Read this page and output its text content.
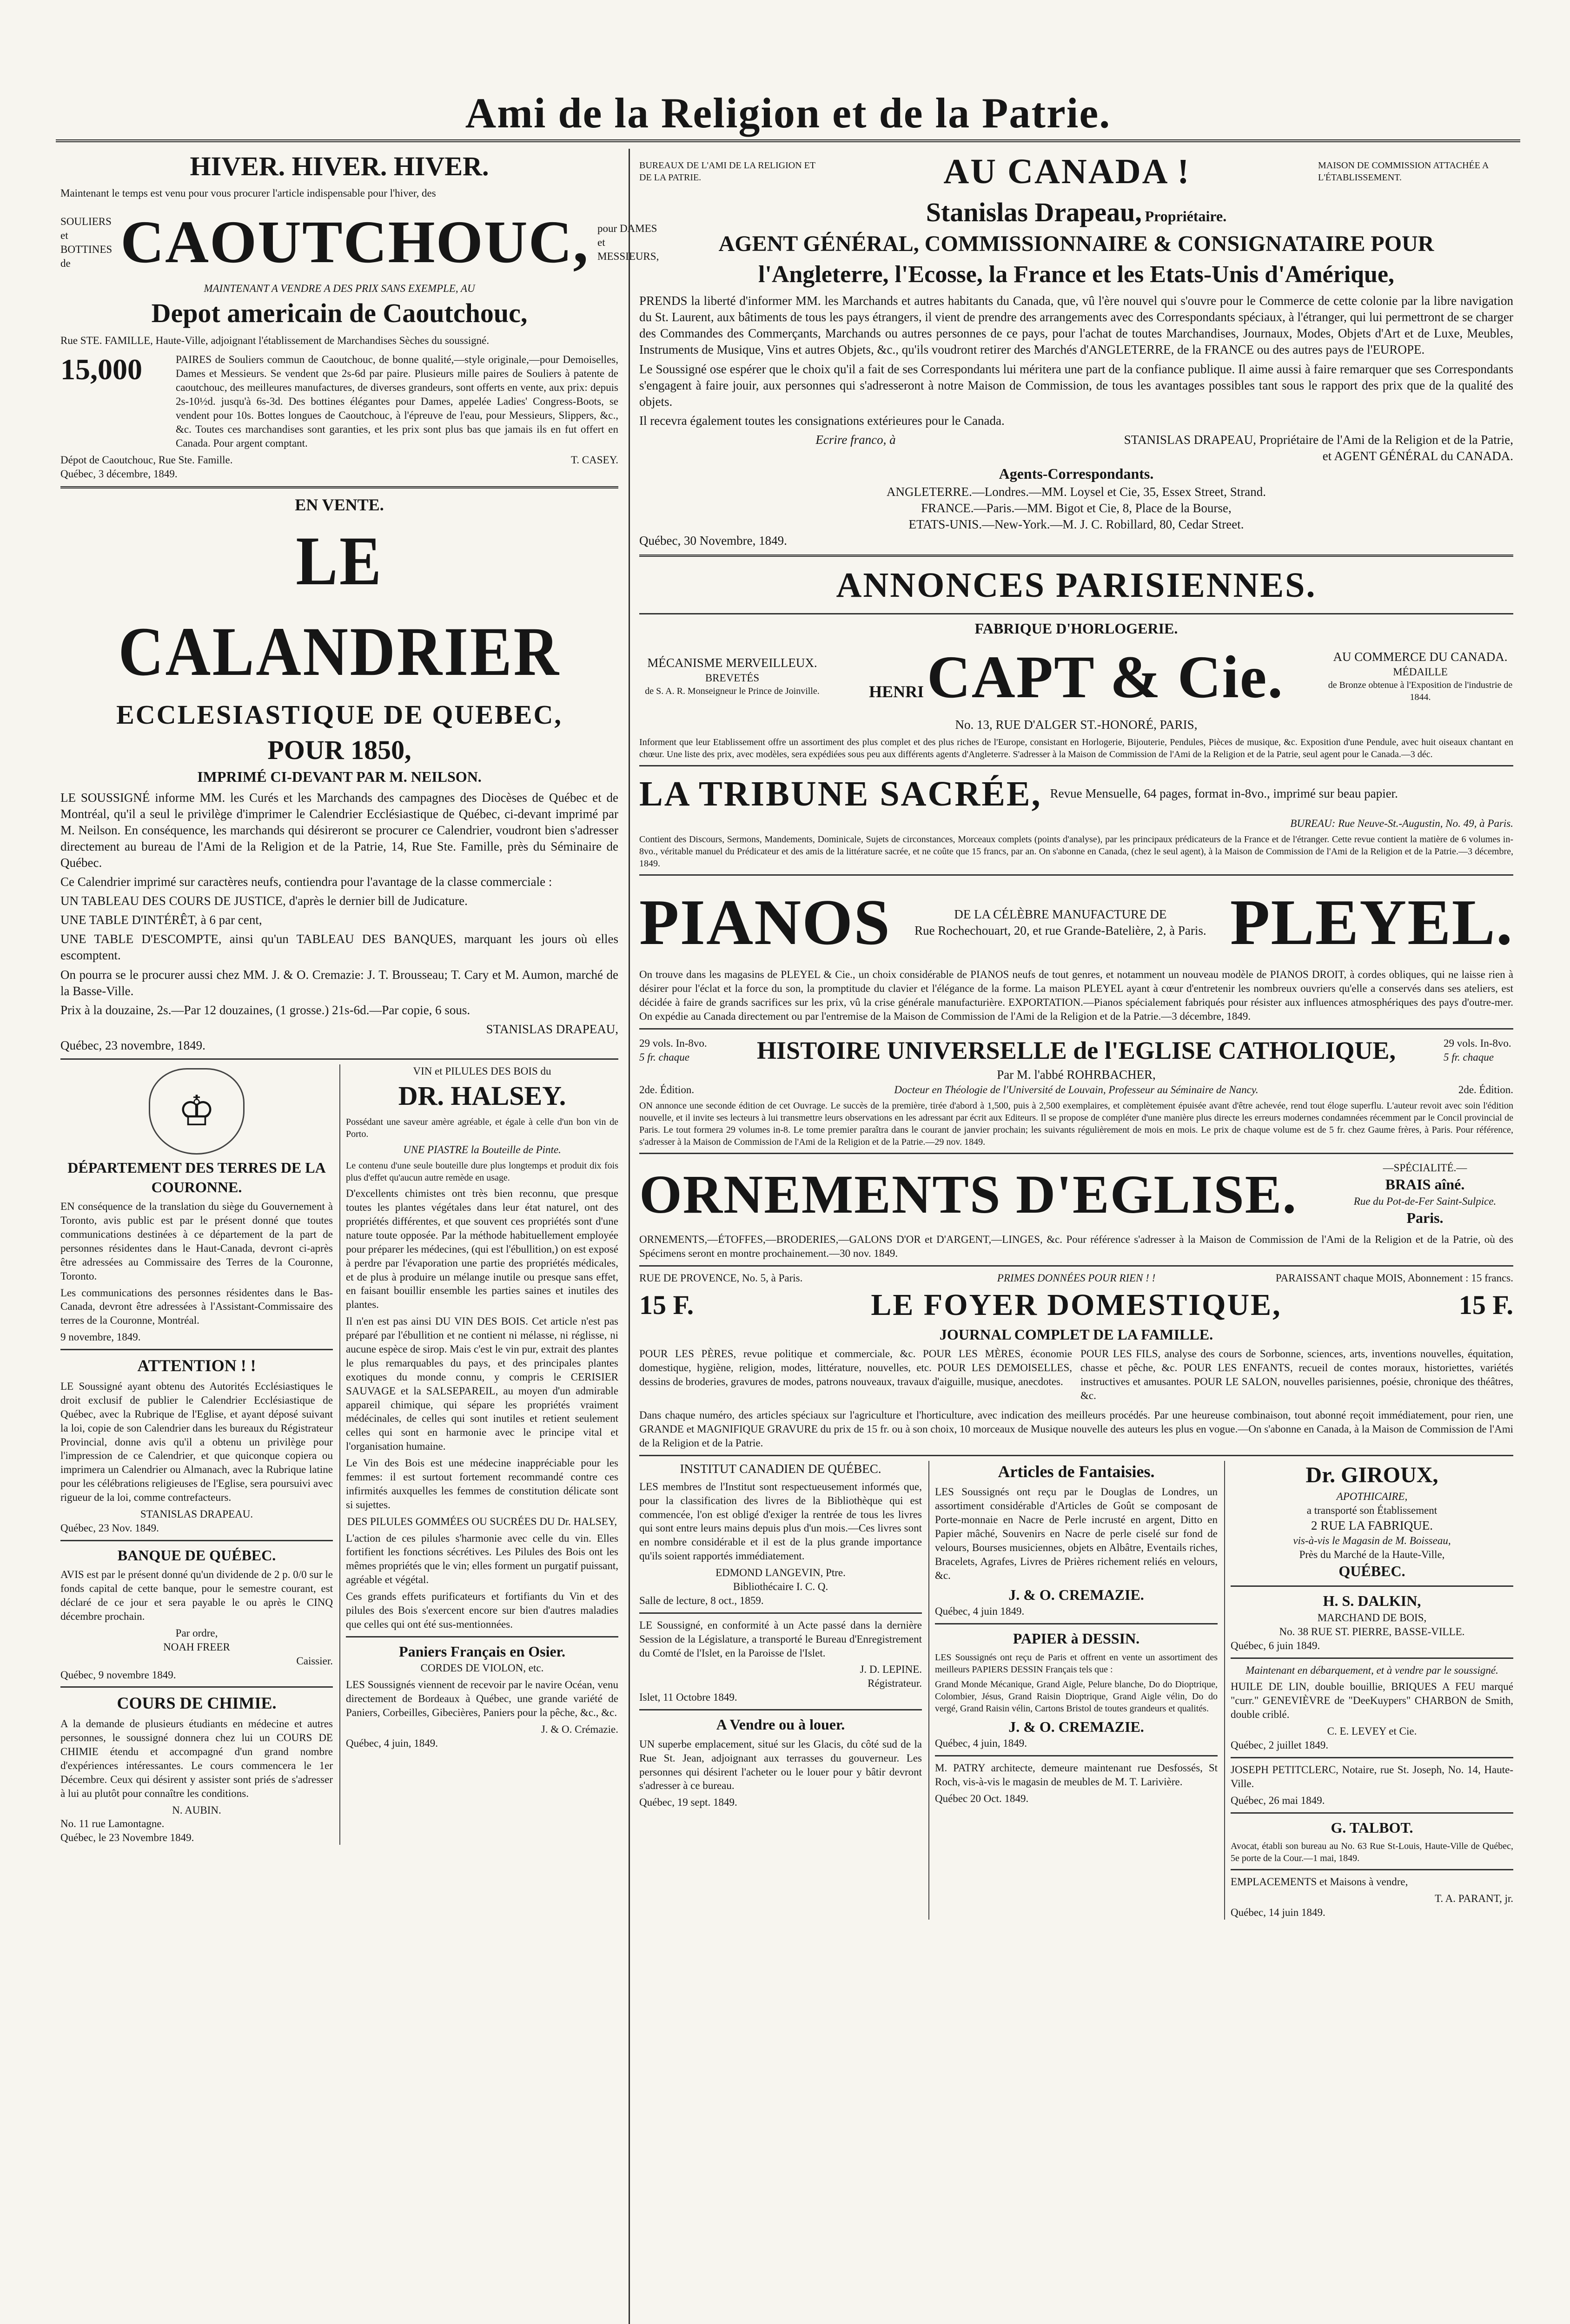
Ami de la Religion et de la Patrie.
HIVER. HIVER. HIVER.

Maintenant le temps est venu pour vous procurer l'article indispensable pour l'hiver, des

SOULIERS et BOTTINES de CAOUTCHOUC, pour DAMES et MESSIEURS,
MAINTENANT A VENDRE A DES PRIX SANS EXEMPLE, AU
Depot americain de Caoutchouc,

Rue STE. FAMILLE, Haute-Ville, adjoignant l'établissement de Marchandises Sèches du soussigné.

15,000	PAIRES de Souliers commun de Caoutchouc, de bonne qualité,—style originale,—pour Demoiselles, Dames et Messieurs. Se vendent que 2s-6d par paire. Plusieurs mille paires de Souliers à patente de caoutchouc, des meilleures manufactures, de diverses grandeurs, sont offerts en vente, aux prix: depuis 2s-10½d. jusqu'à 6s-3d. Des bottines élégantes pour Dames, appelée Ladies' Congress-Boots, se vendent pour 10s. Bottes longues de Caoutchouc, à l'épreuve de l'eau, pour Messieurs, Slippers, &c., &c. Toutes ces marchandises sont garanties, et les prix sont plus bas que jamais ils en fut offert en Canada. Pour argent comptant.

Dépot de Caoutchouc, Rue Ste. Famille.	T. CASEY.
Québec, 3 décembre, 1849.
EN VENTE.
LE CALANDRIER
ECCLESIASTIQUE DE QUEBEC,
POUR 1850,
IMPRIMÉ CI-DEVANT PAR M. NEILSON.

LE SOUSSIGNÉ informe MM. les Curés et les Marchands des campagnes des Diocèses de Québec et de Montréal, qu'il a seul le privilège d'imprimer le Calendrier Ecclésiastique de Québec, ci-devant imprimé par M. Neilson. En conséquence, les marchands qui désireront se procurer ce Calendrier, voudront bien s'adresser directement au bureau de l'Ami de la Religion et de la Patrie, 14, Rue Ste. Famille, près du Séminaire de Québec.

Ce Calendrier imprimé sur caractères neufs, contiendra pour l'avantage de la classe commerciale :

UN TABLEAU DES COURS DE JUSTICE, d'après le dernier bill de Judicature.

UNE TABLE D'INTÉRÊT, à 6 par cent,

UNE TABLE D'ESCOMPTE, ainsi qu'un TABLEAU DES BANQUES, marquant les jours où elles escomptent.

On pourra se le procurer aussi chez MM. J. & O. Cremazie: J. T. Brousseau; T. Cary et M. Aumon, marché de la Basse-Ville.

Prix à la douzaine, 2s.—Par 12 douzaines, (1 grosse.) 21s-6d.—Par copie, 6 sous.

STANISLAS DRAPEAU,
Québec, 23 novembre, 1849.
♔
DÉPARTEMENT DES TERRES DE LA COURONNE.

EN conséquence de la translation du siège du Gouvernement à Toronto, avis public est par le présent donné que toutes communications destinées à ce département de la part de personnes résidentes dans le Haut-Canada, devront ci-après être adressées au Commissaire des Terres de la Couronne, Toronto.

Les communications des personnes résidentes dans le Bas-Canada, devront être adressées à l'Assistant-Commissaire des terres de la Couronne, Montréal.

9 novembre, 1849.
ATTENTION ! !

LE Soussigné ayant obtenu des Autorités Ecclésiastiques le droit exclusif de publier le Calendrier Ecclésiastique de Québec, avec la Rubrique de l'Eglise, et ayant déposé suivant la loi, copie de son Calendrier dans les bureaux du Régistrateur Provincial, donne avis qu'il a obtenu un privilège pour l'impression de ce Calendrier, et que quiconque copiera ou imprimera un Calendrier ou Almanach, avec la Rubrique latine pour les célébrations religieuses de l'Eglise, sera poursuivi avec rigueur de la loi, comme contrefacteurs.

STANISLAS DRAPEAU.
Québec, 23 Nov. 1849.
BANQUE DE QUÉBEC.

AVIS est par le présent donné qu'un dividende de 2 p. 0/0 sur le fonds capital de cette banque, pour le semestre courant, est déclaré de ce jour et sera payable le ou après le CINQ décembre prochain.

Par ordre,
NOAH FREER
Caissier.
Québec, 9 novembre 1849.
COURS DE CHIMIE.

A la demande de plusieurs étudiants en médecine et autres personnes, le soussigné donnera chez lui un COURS DE CHIMIE étendu et accompagné d'un grand nombre d'expériences intéressantes. Le cours commencera le 1er Décembre. Ceux qui désirent y assister sont priés de s'adresser à lui au plutôt pour connaître les conditions.

N. AUBIN.
No. 11 rue Lamontagne.
Québec, le 23 Novembre 1849.
VIN et PILULES DES BOIS du
DR. HALSEY.

Possédant une saveur amère agréable, et égale à celle d'un bon vin de Porto.

UNE PIASTRE la Bouteille de Pinte.

Le contenu d'une seule bouteille dure plus longtemps et produit dix fois plus d'effet qu'aucun autre remède en usage.

D'excellents chimistes ont très bien reconnu, que presque toutes les plantes végétales dans leur état naturel, ont des propriétés différentes, et que souvent ces propriétés sont d'une nature toute opposée. Par la méthode habituellement employée pour préparer les médecines, (qui est l'ébullition,) on est exposé à perdre par l'évaporation une partie des propriétés médicales, et de plus à produire un mélange inutile ou presque sans effet, en faisant bouillir ensemble les parties saines et inutiles des plantes.

Il n'en est pas ainsi DU VIN DES BOIS. Cet article n'est pas préparé par l'ébullition et ne contient ni mélasse, ni réglisse, ni aucune espèce de sirop. Mais c'est le vin pur, extrait des plantes le plus remarquables du pays, et des principales plantes exotiques du monde connu, y compris le CERISIER SAUVAGE et la SALSEPAREIL, au moyen d'un admirable appareil chimique, qui sépare les propriétés vraiment médécinales, de celles qui sont inutiles et retient seulement celles qui sont en harmonie avec le principe vital et l'organisation humaine.

Le Vin des Bois est une médecine inappréciable pour les femmes: il est surtout fortement recommandé contre ces infirmités auxquelles les femmes de constitution délicate sont si sujettes.

DES PILULES GOMMÉES OU SUCRÉES DU Dr. HALSEY,

L'action de ces pilules s'harmonie avec celle du vin. Elles fortifient les fonctions sécrétives. Les Pilules des Bois ont les mêmes propriétés que le vin; elles forment un purgatif puissant, agréable et végétal.

Ces grands effets purificateurs et fortifiants du Vin et des pilules des Bois s'exercent encore sur bien d'autres maladies que celles qui ont été sus-mentionnées.

Paniers Français en Osier.
CORDES DE VIOLON, etc.

LES Soussignés viennent de recevoir par le navire Océan, venu directement de Bordeaux à Québec, une grande variété de Paniers, Corbeilles, Gibecières, Paniers pour la pêche, &c., &c.

J. & O. Crémazie.
Québec, 4 juin, 1849.
BUREAUX DE L'AMI DE LA RELIGION ET DE LA PATRIE.	AU CANADA !	MAISON DE COMMISSION ATTACHÉE A L'ÉTABLISSEMENT.
Stanislas Drapeau, Propriétaire.
AGENT GÉNÉRAL, COMMISSIONNAIRE & CONSIGNATAIRE POUR
l'Angleterre, l'Ecosse, la France et les Etats-Unis d'Amérique,

PRENDS la liberté d'informer MM. les Marchands et autres habitants du Canada, que, vû l'ère nouvel qui s'ouvre pour le Commerce de cette colonie par la libre navigation du St. Laurent, aux bâtiments de tous les pays étrangers, il vient de prendre des arrangements avec des Correspondants spéciaux, à l'étranger, qui lui permettront de se charger des Commandes des Commerçants, Marchands ou autres personnes de ce pays, pour l'achat de toutes Marchandises, Journaux, Modes, Objets d'Art et de Luxe, Meubles, Instruments de Musique, Vins et autres Objets, &c., qu'ils voudront retirer des Marchés d'ANGLETERRE, de la FRANCE ou des autres pays de l'EUROPE.

Le Soussigné ose espérer que le choix qu'il a fait de ses Correspondants lui méritera une part de la confiance publique. Il aime aussi à faire remarquer que ses Correspondants s'engagent à faire jouir, aux personnes qui s'adresseront à notre Maison de Commission, de tous les avantages possibles tant sous le rapport des prix que de la qualité des objets.

Il recevra également toutes les consignations extérieures pour le Canada.

Ecrire franco, à	STANISLAS DRAPEAU, Propriétaire de l'Ami de la Religion et de la Patrie,
et AGENT GÉNÉRAL du CANADA.
Agents-Correspondants.
ANGLETERRE.—Londres.—MM. Loysel et Cie, 35, Essex Street, Strand.
FRANCE.—Paris.—MM. Bigot et Cie, 8, Place de la Bourse,
ETATS-UNIS.—New-York.—M. J. C. Robillard, 80, Cedar Street.
Québec, 30 Novembre, 1849.
ANNONCES PARISIENNES.
MÉCANISME MERVEILLEUX.
BREVETÉS
de S. A. R. Monseigneur le Prince de Joinville.
FABRIQUE D'HORLOGERIE.
HENRI CAPT & Cie.
No. 13, RUE D'ALGER ST.-HONORÉ, PARIS,
AU COMMERCE DU CANADA.
MÉDAILLE
de Bronze obtenue à l'Exposition de l'industrie de 1844.

Informent que leur Etablissement offre un assortiment des plus complet et des plus riches de l'Europe, consistant en Horlogerie, Bijouterie, Pendules, Pièces de musique, &c. Exposition d'une Pendule, avec huit oiseaux chantant en chœur. Une liste des prix, avec modèles, sera expédiées sous peu aux différents agents d'Angleterre. S'adresser à la Maison de Commission de l'Ami de la Religion et de la Patrie, seul agent pour le Canada.—3 déc.

LA TRIBUNE SACRÉE, Revue Mensuelle, 64 pages, format in-8vo., imprimé sur beau papier.
BUREAU: Rue Neuve-St.-Augustin, No. 49, à Paris.

Contient des Discours, Sermons, Mandements, Dominicale, Sujets de circonstances, Morceaux complets (points d'analyse), par les principaux prédicateurs de la France et de l'étranger. Cette revue contient la matière de 6 volumes in-8vo., véritable manuel du Prédicateur et des amis de la littérature sacrée, et ne coûte que 15 francs, par an. On s'abonne en Canada, (chez le seul agent), à la Maison de Commission de l'Ami de la Religion et de la Patrie.—3 décembre, 1849.

PIANOS	DE LA CÉLÈBRE MANUFACTURE DE
Rue Rochechouart, 20, et rue Grande-Batelière, 2, à Paris. PLEYEL.

On trouve dans les magasins de PLEYEL & Cie., un choix considérable de PIANOS neufs de tout genres, et notamment un nouveau modèle de PIANOS DROIT, à cordes obliques, qui ne laisse rien à désirer pour l'éclat et la force du son, la promptitude du clavier et l'élégance de la forme. La maison PLEYEL ayant à cœur d'entretenir les nombreux ouvriers qu'elle a conservés dans ses ateliers, est décidée à faire de grands sacrifices sur les prix, vû la crise générale manufacturière. EXPORTATION.—Pianos spécialement fabriqués pour résister aux influences atmosphériques des pays d'outre-mer. On expédie au Canada directement ou par l'entremise de la Maison de Commission de l'Ami de la Religion et de la Patrie.—3 décembre, 1849.

29 vols. In-8vo.
5 fr. chaque	HISTOIRE UNIVERSELLE de l'EGLISE CATHOLIQUE,	29 vols. In-8vo.
5 fr. chaque
Par M. l'abbé ROHRBACHER,
2de. Édition.	Docteur en Théologie de l'Université de Louvain, Professeur au Séminaire de Nancy.	2de. Édition.

ON annonce une seconde édition de cet Ouvrage. Le succès de la première, tirée d'abord à 1,500, puis à 2,500 exemplaires, et complètement épuisée avant d'être achevée, rend tout éloge superflu. L'auteur revoit avec soin l'édition nouvelle, et il invite ses lecteurs à lui transmettre leurs observations en les adressant par écrit aux Editeurs. Il se propose de compléter d'une manière plus directe les erreurs modernes condamnées récemment par le Concil provincial de Paris. Le tout formera 29 volumes in-8. Le tome premier paraîtra dans le courant de janvier prochain; les suivants régulièrement de mois en mois. Le prix de chaque volume est de 5 fr. chez Gaume frères, à Paris. Pour référence, s'adresser à la Maison de Commission de l'Ami de la Religion et de la Patrie.—29 nov. 1849.

ORNEMENTS D'EGLISE.	—SPÉCIALITÉ.—
BRAIS aîné.
Rue du Pot-de-Fer Saint-Sulpice.
Paris.

ORNEMENTS,—ÉTOFFES,—BRODERIES,—GALONS D'OR et D'ARGENT,—LINGES, &c. Pour référence s'adresser à la Maison de Commission de l'Ami de la Religion et de la Patrie, où des Spécimens seront en montre prochainement.—30 nov. 1849.

RUE DE PROVENCE, No. 5, à Paris.	PRIMES DONNÉES POUR RIEN ! !	PARAISSANT chaque MOIS, Abonnement : 15 francs.
15 F.	LE FOYER DOMESTIQUE,	15 F.
JOURNAL COMPLET DE LA FAMILLE.

POUR LES PÈRES, revue politique et commerciale, &c. POUR LES MÈRES, économie domestique, hygiène, religion, modes, littérature, nouvelles, etc. POUR LES DEMOISELLES, dessins de broderies, gravures de modes, patrons nouveaux, travaux d'aiguille, musique, anecdotes.

POUR LES FILS, analyse des cours de Sorbonne, sciences, arts, inventions nouvelles, équitation, chasse et pêche, &c. POUR LES ENFANTS, recueil de contes moraux, historiettes, variétés instructives et amusantes. POUR LE SALON, nouvelles parisiennes, poésie, chronique des théâtres, &c.

Dans chaque numéro, des articles spéciaux sur l'agriculture et l'horticulture, avec indication des meilleurs procédés. Par une heureuse combinaison, tout abonné reçoit immédiatement, pour rien, une GRANDE et MAGNIFIQUE GRAVURE du prix de 15 fr. ou à son choix, 10 morceaux de Musique nouvelle des auteurs les plus en vogue.—On s'abonne en Canada, à la Maison de Commission de l'Ami de la Religion et de la Patrie.

INSTITUT CANADIEN DE QUÉBEC.

LES membres de l'Institut sont respectueusement informés que, pour la classification des livres de la Bibliothèque qui est commencée, l'on est obligé d'exiger la rentrée de tous les livres qui sont entre leurs mains depuis plus d'un mois.—Ces livres sont en nombre considérable et il est de la plus grande importance qu'ils soient rapportés immédiatement.

EDMOND LANGEVIN, Ptre.
Bibliothécaire I. C. Q.
Salle de lecture, 8 oct., 1859.

LE Soussigné, en conformité à un Acte passé dans la dernière Session de la Législature, a transporté le Bureau d'Enregistrement du Comté de l'Islet, en la Paroisse de l'Islet.

J. D. LEPINE.
Régistrateur.
Islet, 11 Octobre 1849.
A Vendre ou à louer.

UN superbe emplacement, situé sur les Glacis, du côté sud de la Rue St. Jean, adjoignant aux terrasses du gouverneur. Les personnes qui désirent l'acheter ou le louer pour y bâtir devront s'adresser à ce bureau.

Québec, 19 sept. 1849.
Articles de Fantaisies.

LES Soussignés ont reçu par le Douglas de Londres, un assortiment considérable d'Articles de Goût se composant de Porte-monnaie en Nacre de Perle incrusté en argent, Ditto en Papier mâché, Souvenirs en Nacre de perle ciselé sur fond de velours, Bourses musiciennes, objets en Albâtre, Eventails riches, Bracelets, Agrafes, Livres de Prières richement reliés en velours, &c.

J. & O. CREMAZIE.
Québec, 4 juin 1849.
PAPIER à DESSIN.

LES Soussignés ont reçu de Paris et offrent en vente un assortiment des meilleurs PAPIERS DESSIN Français tels que :

Grand Monde Mécanique, Grand Aigle, Pelure blanche, Do do Dioptrique, Colombier, Jésus, Grand Raisin Dioptrique, Grand Aigle vélin, Do do vergé, Grand Raisin vélin, Cartons Bristol de toutes grandeurs et qualités.

J. & O. CREMAZIE.
Québec, 4 juin, 1849.

M. PATRY architecte, demeure maintenant rue Desfossés, St Roch, vis-à-vis le magasin de meubles de M. T. Larivière.

Québec 20 Oct. 1849.
Dr. GIROUX,
APOTHICAIRE,
a transporté son Établissement
2 RUE LA FABRIQUE.
vis-à-vis le Magasin de M. Boisseau,
Près du Marché de la Haute-Ville,
QUÉBEC.
H. S. DALKIN,
MARCHAND DE BOIS,
No. 38 RUE ST. PIERRE, BASSE-VILLE.
Québec, 6 juin 1849.
Maintenant en débarquement, et à vendre par le soussigné.

HUILE DE LIN, double bouillie, BRIQUES A FEU marqué "curr." GENEVIÈVRE de "DeeKuypers" CHARBON de Smith, double criblé.

C. E. LEVEY et Cie.
Québec, 2 juillet 1849.

JOSEPH PETITCLERC, Notaire, rue St. Joseph, No. 14, Haute-Ville.

Québec, 26 mai 1849.
G. TALBOT.

Avocat, établi son bureau au No. 63 Rue St-Louis, Haute-Ville de Québec, 5e porte de la Cour.—1 mai, 1849.

EMPLACEMENTS et Maisons à vendre,

T. A. PARANT, jr.
Québec, 14 juin 1849.
